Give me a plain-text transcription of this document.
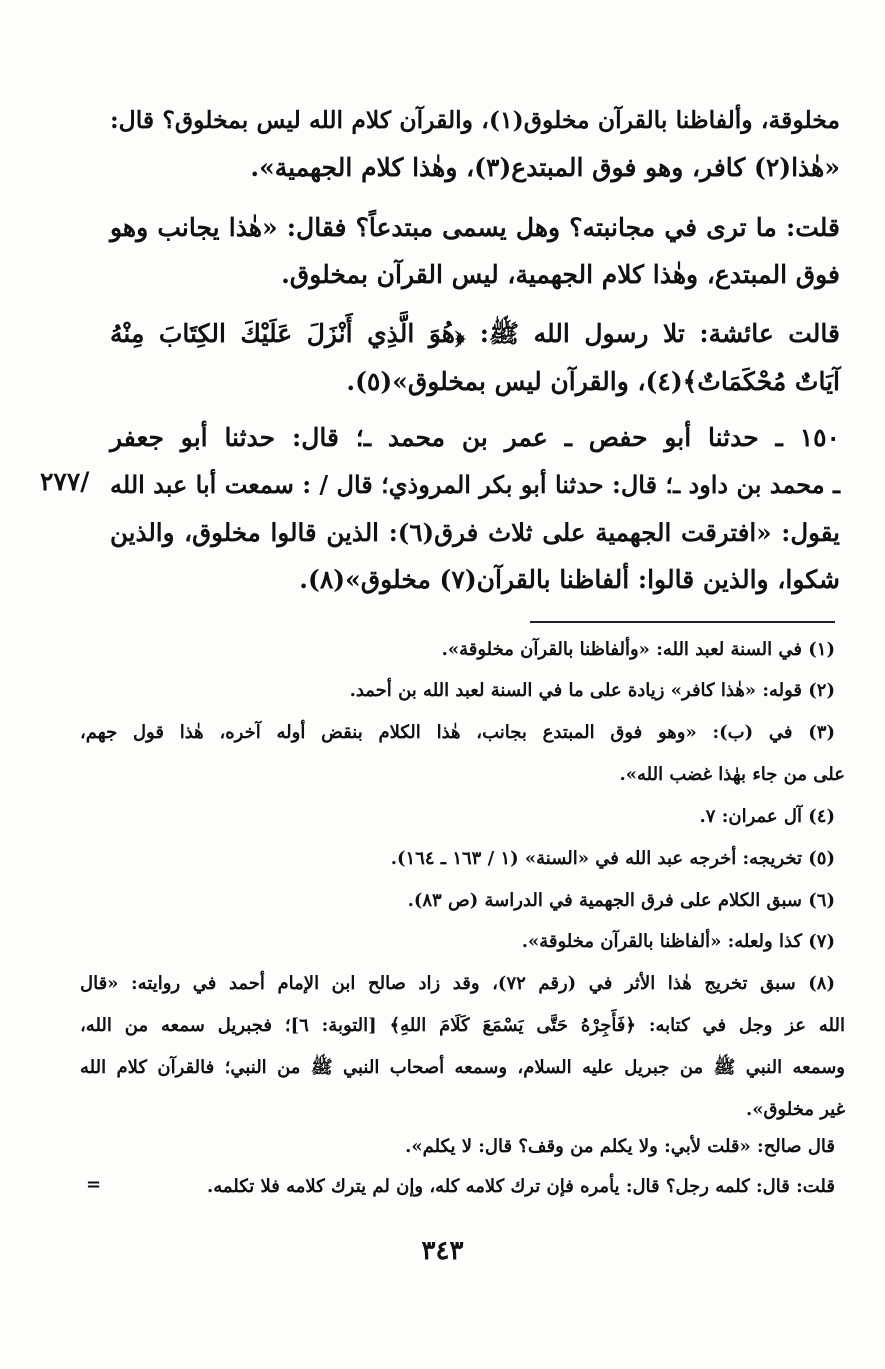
مخلوقة، وألفاظنا بالقرآن مخلوق(١)، والقرآن كلام الله ليس بمخلوق؟ قال:
«هٰذا(٢) كافر، وهو فوق المبتدع(٣)، وهٰذا كلام الجهمية».
قلت: ما ترى في مجانبته؟ وهل يسمى مبتدعاً؟ فقال: «هٰذا يجانب وهو
فوق المبتدع، وهٰذا كلام الجهمية، ليس القرآن بمخلوق.
قالت عائشة: تلا رسول الله ﷺ: ﴿هُوَ الَّذِي أَنْزَلَ عَلَيْكَ الكِتَابَ مِنْهُ
آيَاتٌ مُحْكَمَاتٌ﴾(٤)، والقرآن ليس بمخلوق»(٥).
١٥٠ ـ حدثنا أبو حفص ـ عمر بن محمد ـ؛ قال: حدثنا أبو جعفر
ـ محمد بن داود ـ؛ قال: حدثنا أبو بكر المروذي؛ قال / : سمعت أبا عبد الله
يقول: «افترقت الجهمية على ثلاث فرق(٦): الذين قالوا مخلوق، والذين
شكوا، والذين قالوا: ألفاظنا بالقرآن(٧) مخلوق»(٨).
/٢٧٧
(١) في السنة لعبد الله: «وألفاظنا بالقرآن مخلوقة».
(٢) قوله: «هٰذا كافر» زيادة على ما في السنة لعبد الله بن أحمد.
(٣) في (ب): «وهو فوق المبتدع بجانب، هٰذا الكلام بنقض أوله آخره، هٰذا قول جهم،
على من جاء بهٰذا غضب الله».
(٤) آل عمران: ٧.
(٥) تخريجه: أخرجه عبد الله في «السنة» (١ / ١٦٣ ـ ١٦٤).
(٦) سبق الكلام على فرق الجهمية في الدراسة (ص ٨٣).
(٧) كذا ولعله: «ألفاظنا بالقرآن مخلوقة».
(٨) سبق تخريج هٰذا الأثر في (رقم ٧٢)، وقد زاد صالح ابن الإمام أحمد في روايته: «قال
الله عز وجل في كتابه: ﴿فَأَجِرْهُ حَتَّى يَسْمَعَ كَلَامَ اللهِ﴾ [التوبة: ٦]؛ فجبريل سمعه من الله،
وسمعه النبي ﷺ من جبريل عليه السلام، وسمعه أصحاب النبي ﷺ من النبي؛ فالقرآن كلام الله
غير مخلوق».
قال صالح: «قلت لأبي: ولا يكلم من وقف؟ قال: لا يكلم».
قلت: قال: كلمه رجل؟ قال: يأمره فإن ترك كلامه كله، وإن لم يترك كلامه فلا تكلمه.
=
٣٤٣
